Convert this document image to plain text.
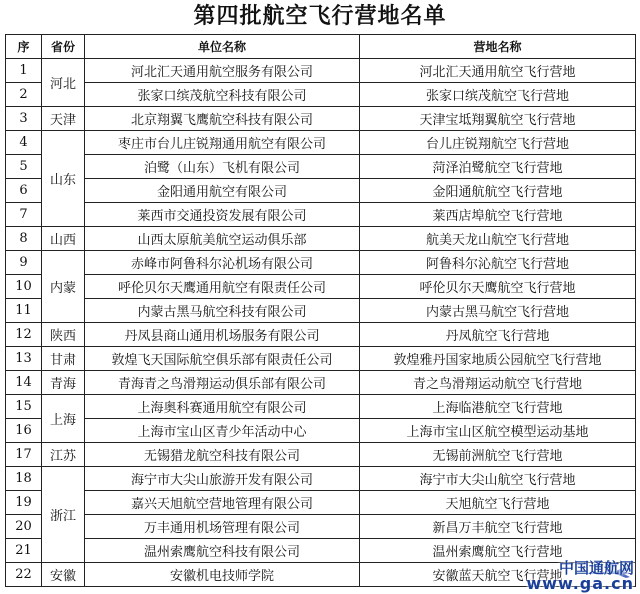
第四批航空飞行营地名单
序	省份	单位名称	营地名称
1	河北	河北汇天通用航空服务有限公司	河北汇天通用航空飞行营地
2		张家口缤茂航空科技有限公司	张家口缤茂航空飞行营地
3	天津	北京翔翼飞鹰航空科技有限公司	天津宝坻翔翼航空飞行营地
4	山东	枣庄市台儿庄锐翔通用航空有限公司	台儿庄锐翔航空飞行营地
5		泊鹭（山东）飞机有限公司	菏泽泊鹭航空飞行营地
6		金阳通用航空有限公司	金阳通航航空飞行营地
7		莱西市交通投资发展有限公司	莱西店埠航空飞行营地
8	山西	山西太原航美航空运动俱乐部	航美天龙山航空飞行营地
9	内蒙	赤峰市阿鲁科尔沁机场有限公司	阿鲁科尔沁航空飞行营地
10		呼伦贝尔天鹰通用航空有限责任公司	呼伦贝尔天鹰航空飞行营地
11		内蒙古黑马航空科技有限公司	内蒙古黑马航空飞行营地
12	陕西	丹凤县商山通用机场服务有限公司	丹凤航空飞行营地
13	甘肃	敦煌飞天国际航空俱乐部有限责任公司	敦煌雅丹国家地质公园航空飞行营地
14	青海	青海青之鸟滑翔运动俱乐部有限公司	青之鸟滑翔运动航空飞行营地
15	上海	上海奥科赛通用航空有限公司	上海临港航空飞行营地
16		上海市宝山区青少年活动中心	上海市宝山区航空模型运动基地
17	江苏	无锡猎龙航空科技有限公司	无锡前洲航空飞行营地
18	浙江	海宁市大尖山旅游开发有限公司	海宁市大尖山航空飞行营地
19		嘉兴天旭航空营地管理有限公司	天旭航空飞行营地
20		万丰通用机场管理有限公司	新昌万丰航空飞行营地
21		温州索鹰航空科技有限公司	温州索鹰航空飞行营地
22	安徽	安徽机电技师学院	安徽蓝天航空飞行营地
中国通航网
www.ga.cn
